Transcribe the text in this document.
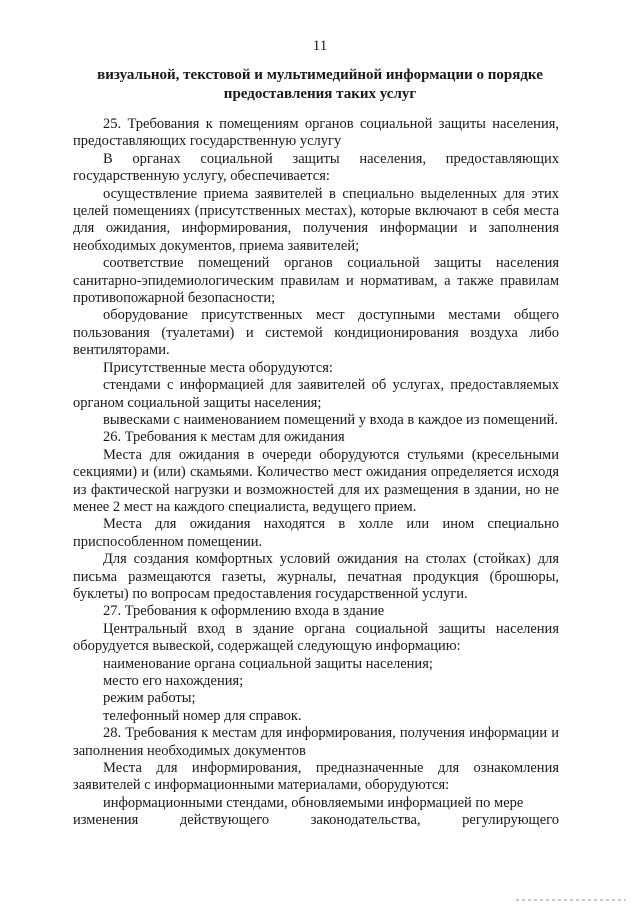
11
визуальной, текстовой и мультимедийной информации о порядке
предоставления таких услуг

25. Требования к помещениям органов социальной защиты населения, предоставляющих государственную услугу

В органах социальной защиты населения, предоставляющих государственную услугу, обеспечивается:

осуществление приема заявителей в специально выделенных для этих целей помещениях (присутственных местах), которые включают в себя места для ожидания, информирования, получения информации и заполнения необходимых документов, приема заявителей;

соответствие помещений органов социальной защиты населения санитарно-эпидемиологическим правилам и нормативам, а также правилам противопожарной безопасности;

оборудование присутственных мест доступными местами общего пользования (туалетами) и системой кондиционирования воздуха либо вентиляторами.

Присутственные места оборудуются:

стендами с информацией для заявителей об услугах, предоставляемых органом социальной защиты населения;

вывесками с наименованием помещений у входа в каждое из помещений.

26. Требования к местам для ожидания

Места для ожидания в очереди оборудуются стульями (кресельными секциями) и (или) скамьями. Количество мест ожидания определяется исходя из фактической нагрузки и возможностей для их размещения в здании, но не менее 2 мест на каждого специалиста, ведущего прием.

Места для ожидания находятся в холле или ином специально приспособленном помещении.

Для создания комфортных условий ожидания на столах (стойках) для письма размещаются газеты, журналы, печатная продукция (брошюры, буклеты) по вопросам предоставления государственной услуги.

27. Требования к оформлению входа в здание

Центральный вход в здание органа социальной защиты населения оборудуется вывеской, содержащей следующую информацию:

наименование органа социальной защиты населения;

место его нахождения;

режим работы;

телефонный номер для справок.

28. Требования к местам для информирования, получения информации и заполнения необходимых документов

Места для информирования, предназначенные для ознакомления заявителей с информационными материалами, оборудуются:

информационными стендами, обновляемыми информацией по мере

изменения	действующего	законодательства,	регулирующего
